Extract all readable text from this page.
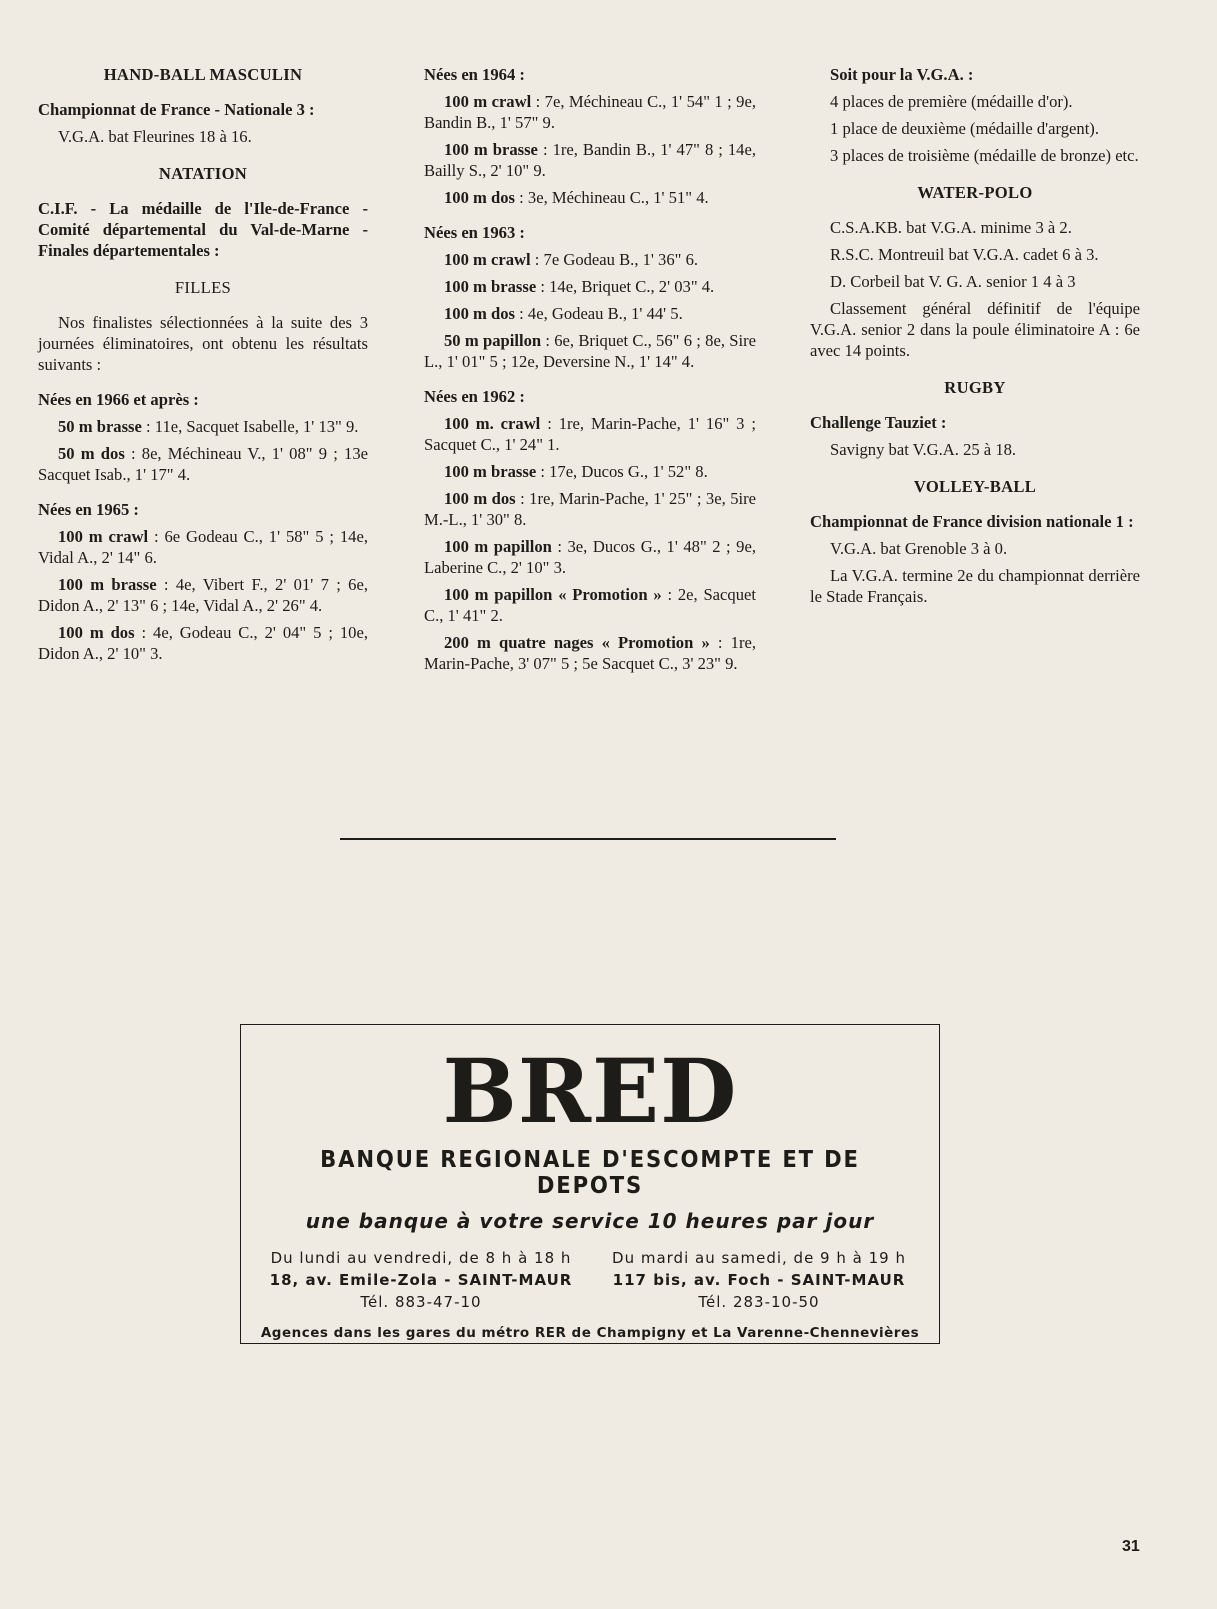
HAND-BALL MASCULIN

Championnat de France - Nationale 3 :

V.G.A. bat Fleurines 18 à 16.

NATATION

C.I.F. - La médaille de l'Ile-de-France - Comité départemental du Val-de-Marne - Finales départementales :

FILLES

Nos finalistes sélectionnées à la suite des 3 journées éliminatoires, ont obtenu les résultats suivants :

Nées en 1966 et après :

50 m brasse : 11e, Sacquet Isabelle, 1' 13" 9.

50 m dos : 8e, Méchineau V., 1' 08" 9 ; 13e Sacquet Isab., 1' 17" 4.

Nées en 1965 :

100 m crawl : 6e Godeau C., 1' 58" 5 ; 14e, Vidal A., 2' 14" 6.

100 m brasse : 4e, Vibert F., 2' 01' 7 ; 6e, Didon A., 2' 13" 6 ; 14e, Vidal A., 2' 26" 4.

100 m dos : 4e, Godeau C., 2' 04" 5 ; 10e, Didon A., 2' 10" 3.

Nées en 1964 :

100 m crawl : 7e, Méchineau C., 1' 54" 1 ; 9e, Bandin B., 1' 57" 9.

100 m brasse : 1re, Bandin B., 1' 47" 8 ; 14e, Bailly S., 2' 10" 9.

100 m dos : 3e, Méchineau C., 1' 51" 4.

Nées en 1963 :

100 m crawl : 7e Godeau B., 1' 36" 6.

100 m brasse : 14e, Briquet C., 2' 03" 4.

100 m dos : 4e, Godeau B., 1' 44' 5.

50 m papillon : 6e, Briquet C., 56" 6 ; 8e, Sire L., 1' 01" 5 ; 12e, Deversine N., 1' 14" 4.

Nées en 1962 :

100 m. crawl : 1re, Marin-Pache, 1' 16" 3 ; Sacquet C., 1' 24" 1.

100 m brasse : 17e, Ducos G., 1' 52" 8.

100 m dos : 1re, Marin-Pache, 1' 25" ; 3e, 5ire M.-L., 1' 30" 8.

100 m papillon : 3e, Ducos G., 1' 48" 2 ; 9e, Laberine C., 2' 10" 3.

100 m papillon « Promotion » : 2e, Sacquet C., 1' 41" 2.

200 m quatre nages « Promotion » : 1re, Marin-Pache, 3' 07" 5 ; 5e Sacquet C., 3' 23" 9.

Soit pour la V.G.A. :

4 places de première (médaille d'or).

1 place de deuxième (médaille d'argent).

3 places de troisième (médaille de bronze) etc.

WATER-POLO

C.S.A.KB. bat V.G.A. minime 3 à 2.

R.S.C. Montreuil bat V.G.A. cadet 6 à 3.

D. Corbeil bat V. G. A. senior 1 4 à 3

Classement général définitif de l'équipe V.G.A. senior 2 dans la poule éliminatoire A : 6e avec 14 points.

RUGBY

Challenge Tauziet :

Savigny bat V.G.A. 25 à 18.

VOLLEY-BALL

Championnat de France division nationale 1 :

V.G.A. bat Grenoble 3 à 0.

La V.G.A. termine 2e du championnat derrière le Stade Français.

BRED
BANQUE REGIONALE D'ESCOMPTE ET DE DEPOTS
une banque à votre service 10 heures par jour
Du lundi au vendredi, de 8 h à 18 h
18, av. Emile-Zola - SAINT-MAUR
Tél. 883-47-10
Du mardi au samedi, de 9 h à 19 h
117 bis, av. Foch - SAINT-MAUR
Tél. 283-10-50
Agences dans les gares du métro RER de Champigny et La Varenne-Chennevières
31
